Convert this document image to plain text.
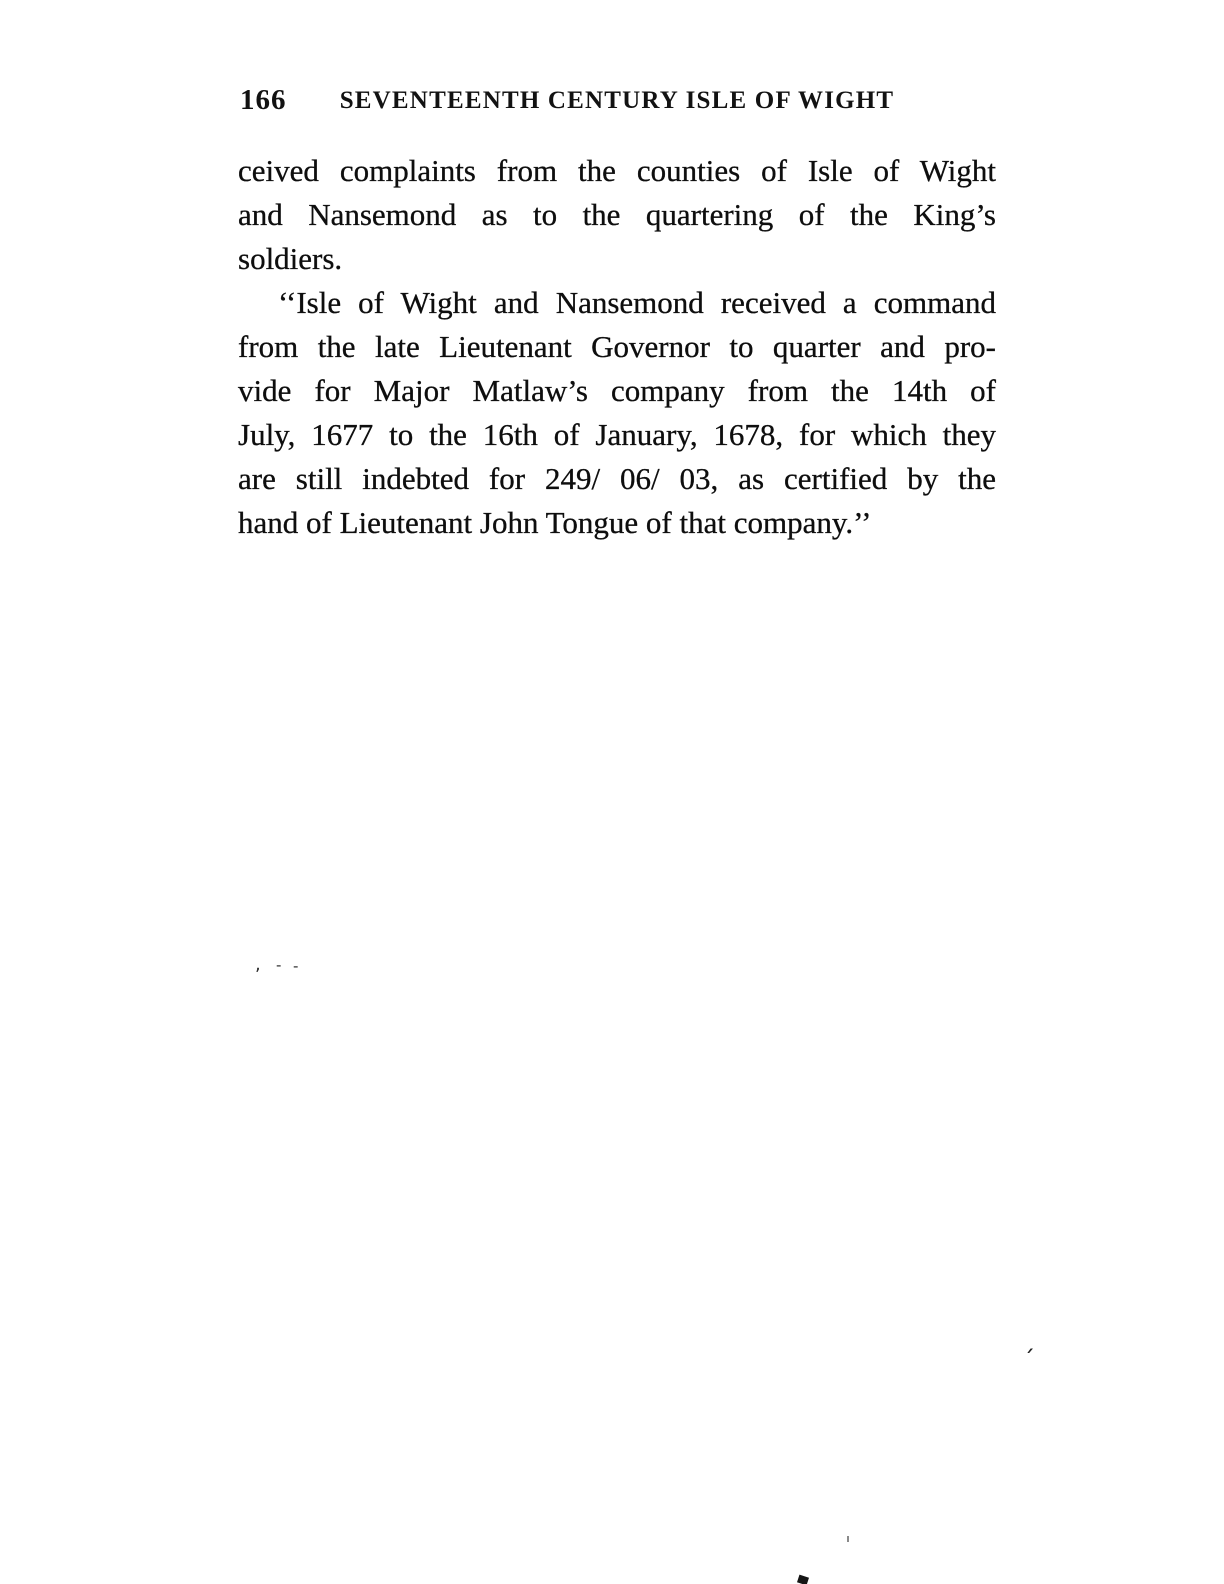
166	SEVENTEENTH CENTURY ISLE OF WIGHT
ceived complaints from the counties of Isle of Wight
and Nansemond as to the quartering of the King’s
soldiers.
‘‘Isle of Wight and Nansemond received a command
from the late Lieutenant Governor to quarter and pro-
vide for Major Matlaw’s company from the 14th of
July, 1677 to the 16th of January, 1678, for which they
are still indebted for 249/ 06/ 03, as certified by the
hand of Lieutenant John Tongue of that company.’’
, - -
´
